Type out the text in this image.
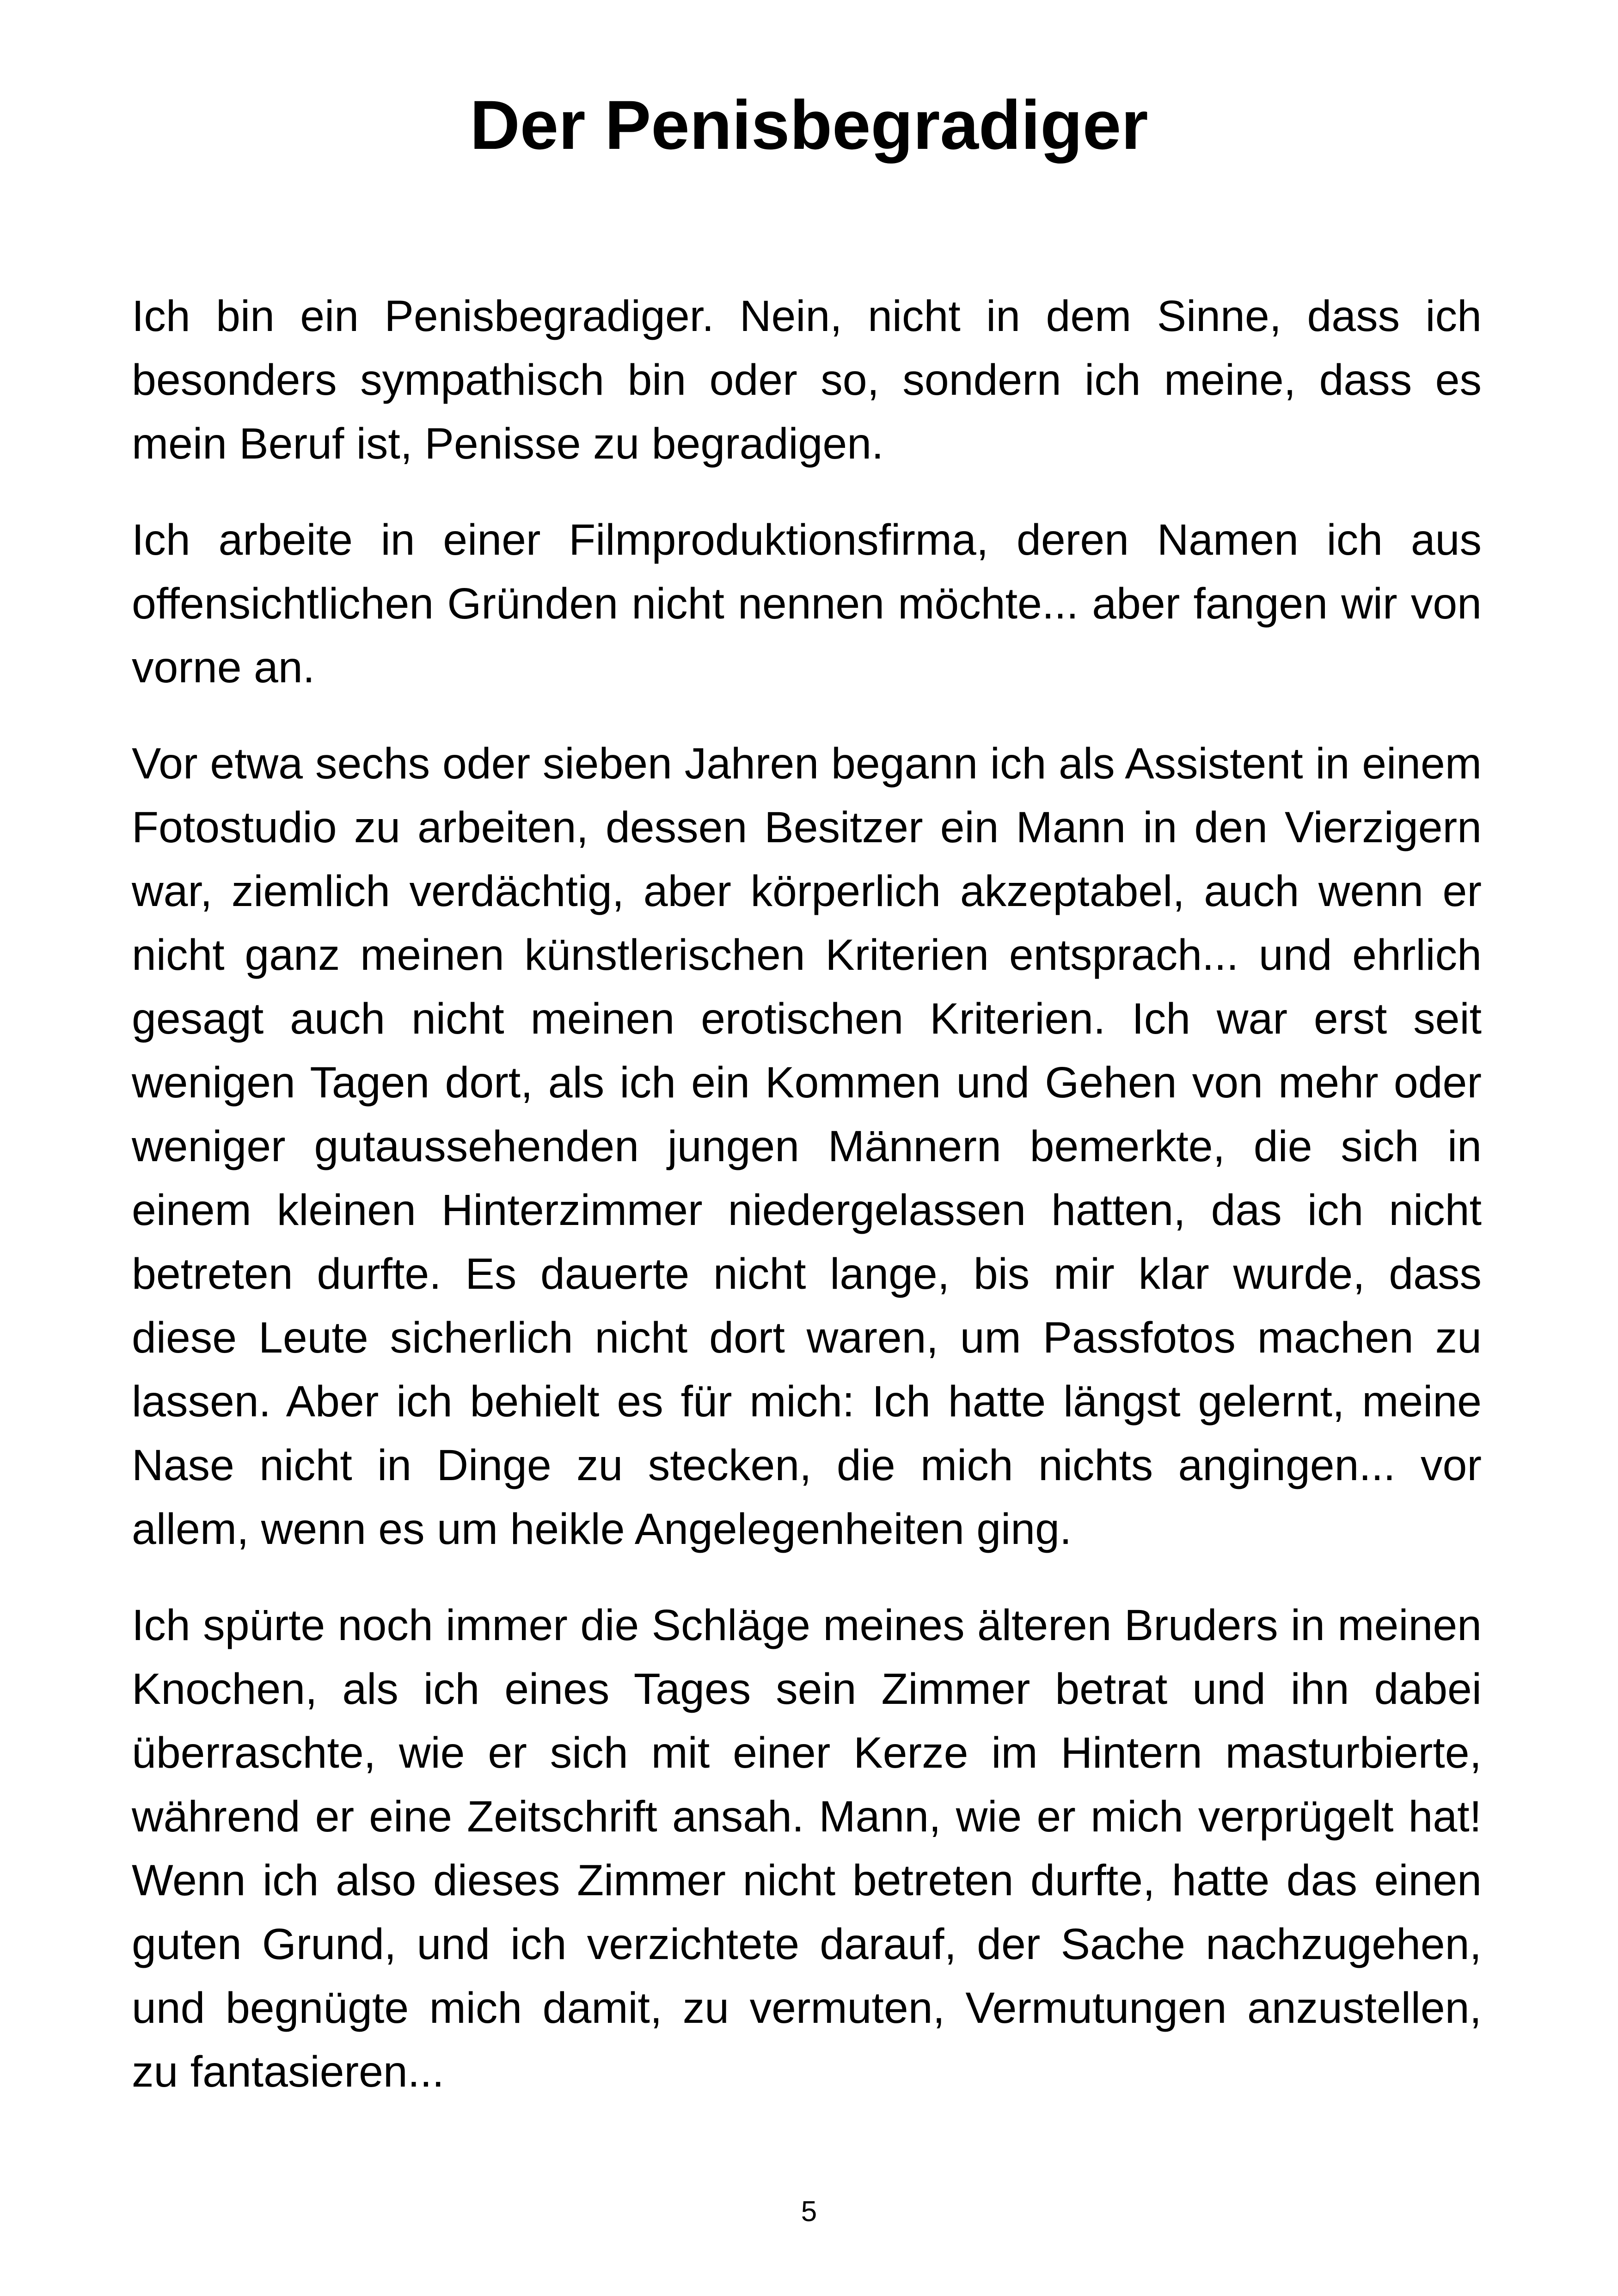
Der Penisbegradiger

Ich bin ein Penisbegradiger. Nein, nicht in dem Sinne, dass ich besonders sympathisch bin oder so, sondern ich meine, dass es mein Beruf ist, Penisse zu begradigen.

Ich arbeite in einer Filmproduktionsfirma, deren Namen ich aus offensichtlichen Gründen nicht nennen möchte... aber fangen wir von vorne an.

Vor etwa sechs oder sieben Jahren begann ich als Assistent in einem Fotostudio zu arbeiten, dessen Besitzer ein Mann in den Vierzigern war, ziemlich verdächtig, aber körperlich akzeptabel, auch wenn er nicht ganz meinen künstlerischen Kriterien entsprach... und ehrlich gesagt auch nicht meinen erotischen Kriterien. Ich war erst seit wenigen Tagen dort, als ich ein Kommen und Gehen von mehr oder weniger gutaussehenden jungen Männern bemerkte, die sich in einem kleinen Hinterzimmer niedergelassen hatten, das ich nicht betreten durfte. Es dauerte nicht lange, bis mir klar wurde, dass diese Leute sicherlich nicht dort waren, um Passfotos machen zu lassen. Aber ich behielt es für mich: Ich hatte längst gelernt, meine Nase nicht in Dinge zu stecken, die mich nichts angingen... vor allem, wenn es um heikle Angelegenheiten ging.

Ich spürte noch immer die Schläge meines älteren Bruders in meinen Knochen, als ich eines Tages sein Zimmer betrat und ihn dabei überraschte, wie er sich mit einer Kerze im Hintern masturbierte, während er eine Zeitschrift ansah. Mann, wie er mich verprügelt hat! Wenn ich also dieses Zimmer nicht betreten durfte, hatte das einen guten Grund, und ich verzichtete darauf, der Sache nachzugehen, und begnügte mich damit, zu vermuten, Vermutungen anzustellen, zu fantasieren...

5
